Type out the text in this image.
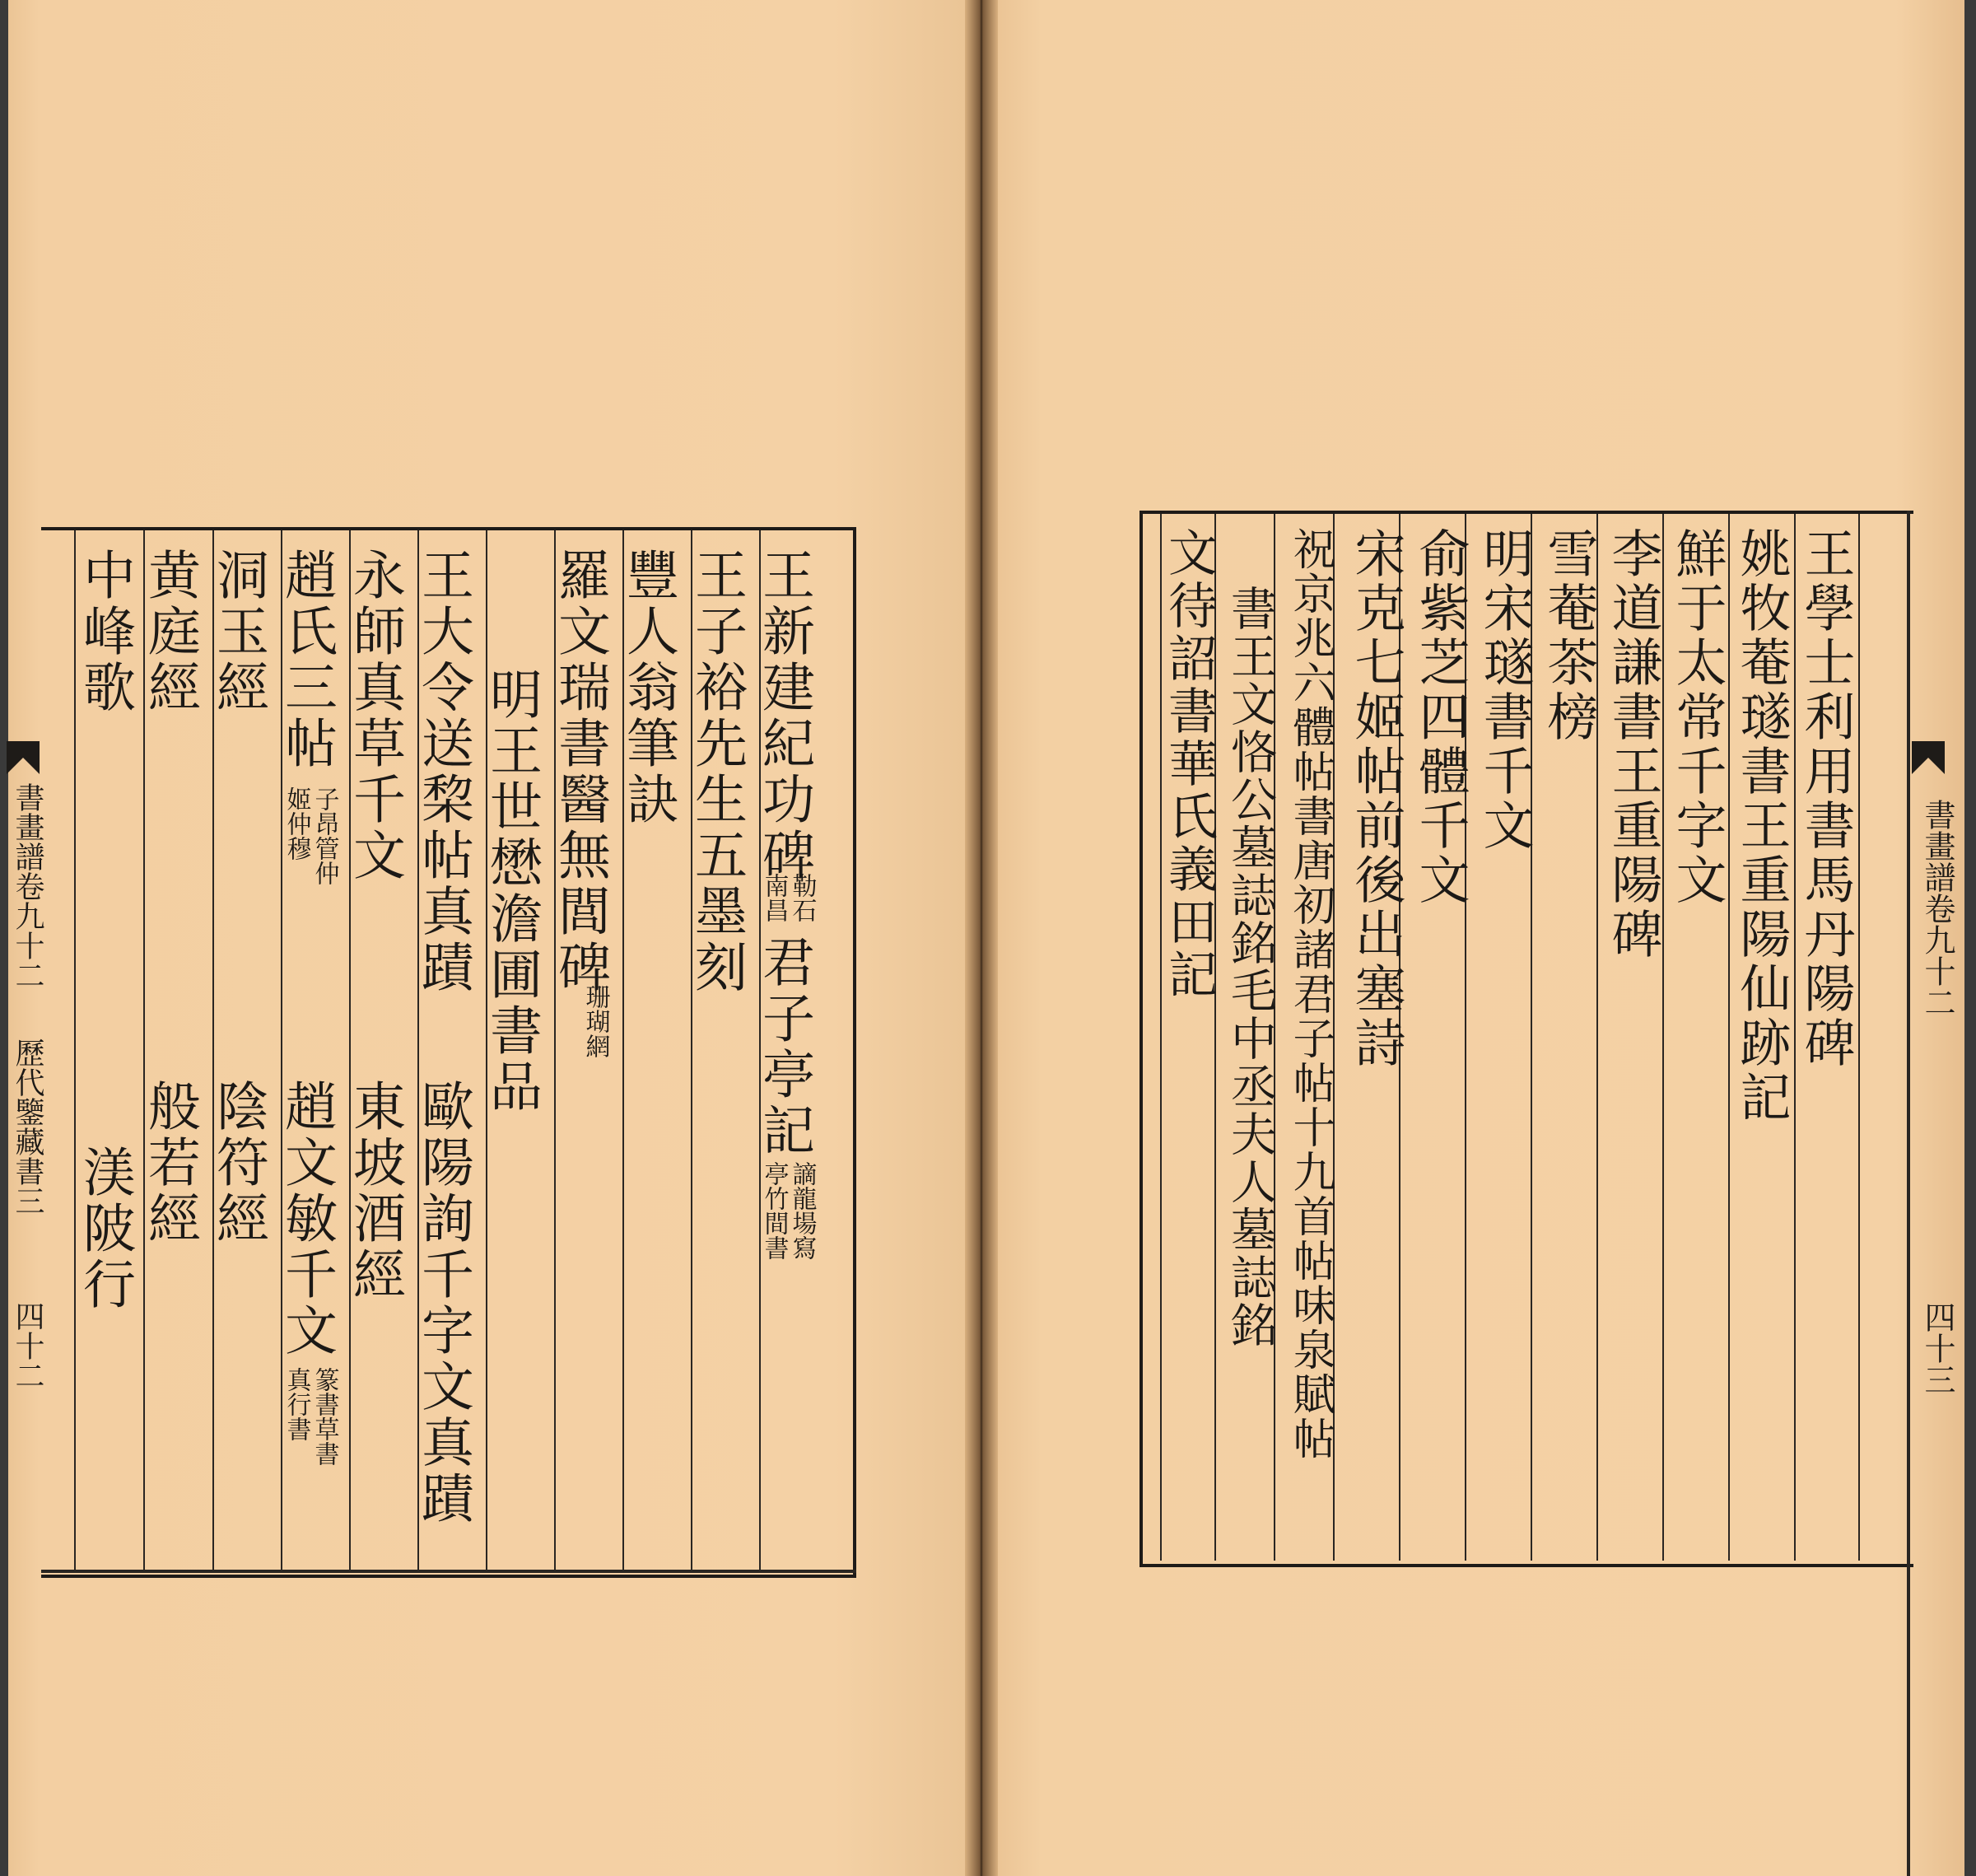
書畫譜卷九十二
歷代鑒藏書三
四十二
王新建紀功碑
勒石
南昌
君子亭記
謫龍場寫
亭竹間書
王子裕先生五墨刻
豐人翁筆訣
羅文瑞書醫無閭碑
珊瑚網
明王世懋澹圃書品
王大令送棃帖真蹟
歐陽詢千字文真蹟
永師真草千文
東坡酒經
趙氏三帖
子昂管仲
姬仲穆
趙文敏千文
篆書草書
真行書
洞玉經
陰符經
黄庭經
般若經
中峰歌
渼陂行
書畫譜卷九十二
四十三
王學士利用書馬丹陽碑
姚牧菴璲書王重陽仙跡記
鮮于太常千字文
李道謙書王重陽碑
雪菴茶榜
明宋璲書千文
俞紫芝四體千文
宋克七姬帖前後出塞詩
祝京兆六體帖書唐初諸君子帖十九首帖味泉賦帖
書王文恪公墓誌銘毛中丞夫人墓誌銘
文待詔書華氏義田記
